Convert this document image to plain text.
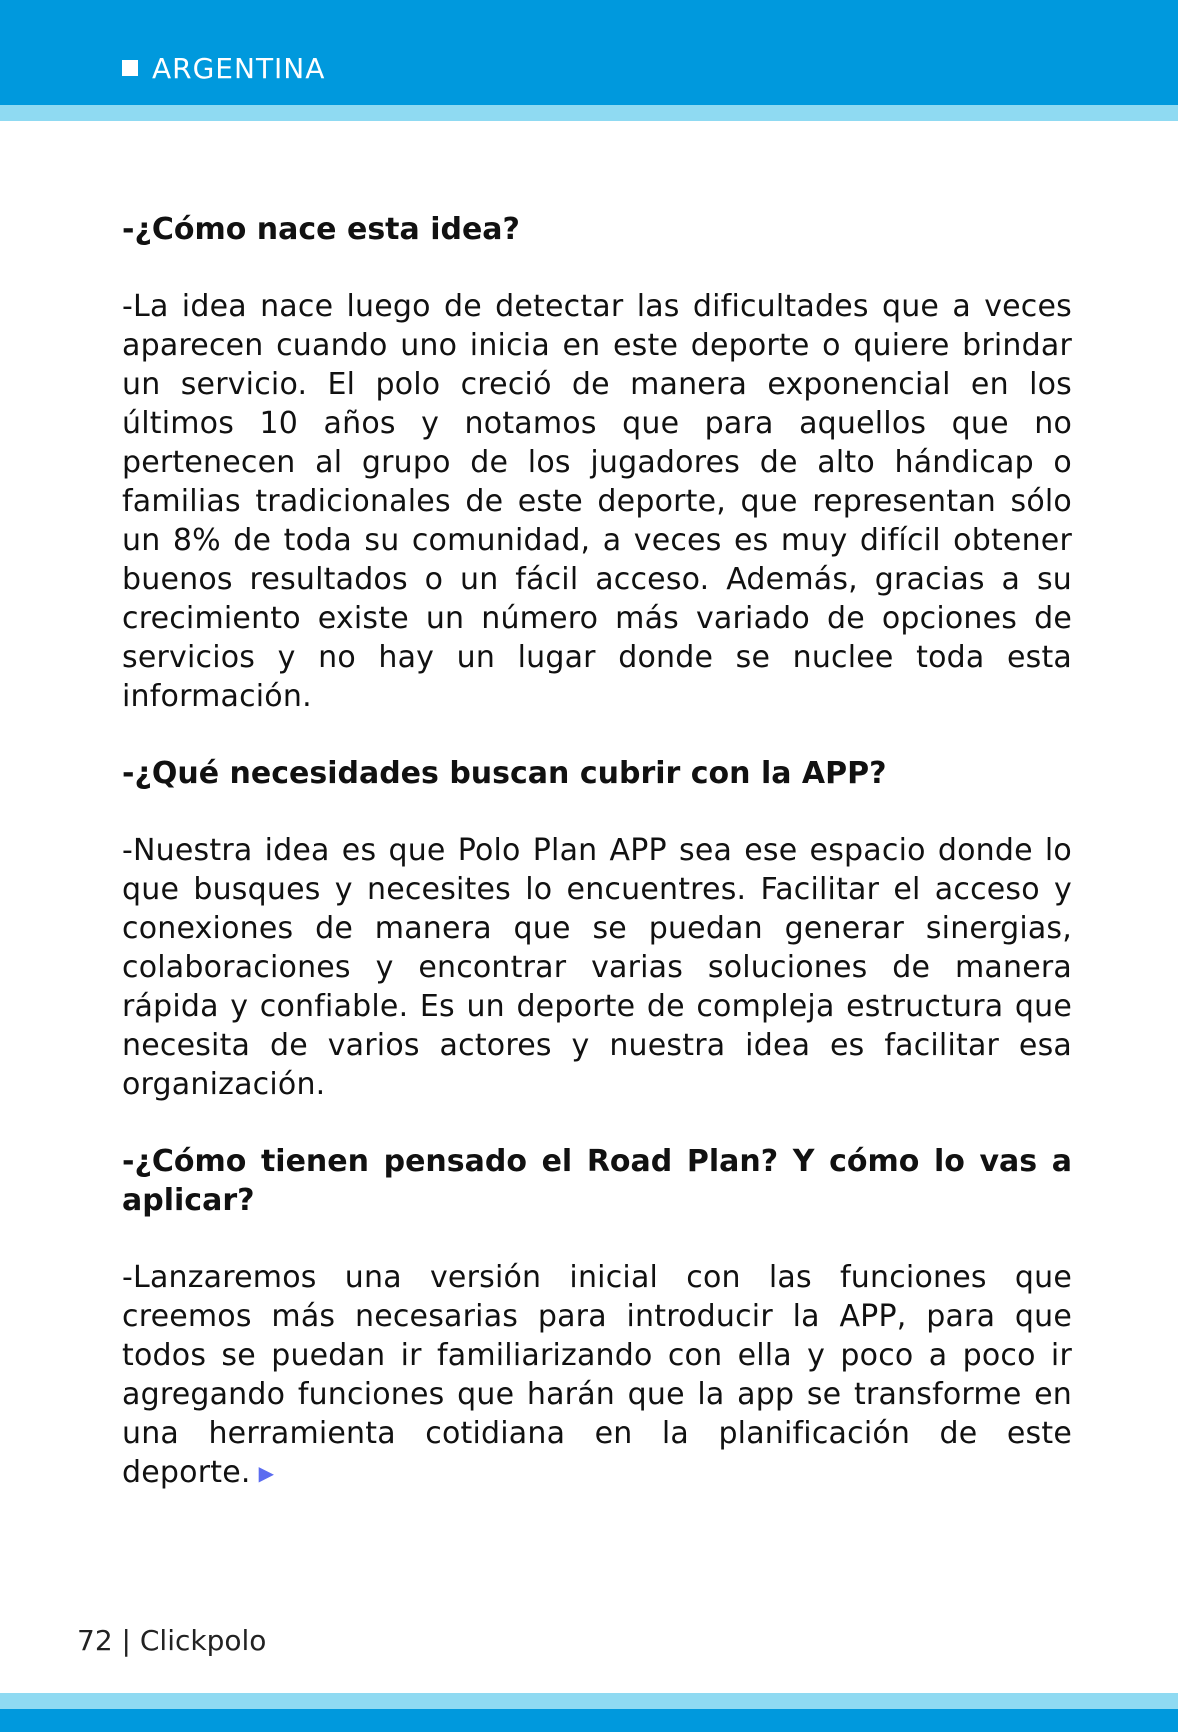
ARGENTINA
-¿Cómo nace esta idea?

-La idea nace luego de detectar las dificultades que a veces aparecen cuando uno inicia en este deporte o quiere brindar un servicio. El polo creció de manera exponencial en los últimos 10 años y notamos que para aquellos que no pertenecen al grupo de los jugadores de alto hándicap o familias tradicionales de este deporte, que representan sólo un 8% de toda su comunidad, a veces es muy difícil obtener buenos resultados o un fácil acceso. Además, gracias a su crecimiento existe un número más variado de opciones de servicios y no hay un lugar donde se nuclee toda esta información.

-¿Qué necesidades buscan cubrir con la APP?

-Nuestra idea es que Polo Plan APP sea ese espacio donde lo que busques y necesites lo encuentres. Facilitar el acceso y conexiones de manera que se puedan generar sinergias, colaboraciones y encontrar varias soluciones de manera rápida y confiable. Es un deporte de compleja estructura que necesita de varios actores y nuestra idea es facilitar esa organización.

-¿Cómo tienen pensado el Road Plan? Y cómo lo vas a aplicar?

-Lanzaremos una versión inicial con las funciones que creemos más necesarias para introducir la APP, para que todos se puedan ir familiarizando con ella y poco a poco ir agregando funciones que harán que la app se transforme en una herramienta cotidiana en la planificación de este deporte. ▶

72 | Clickpolo
